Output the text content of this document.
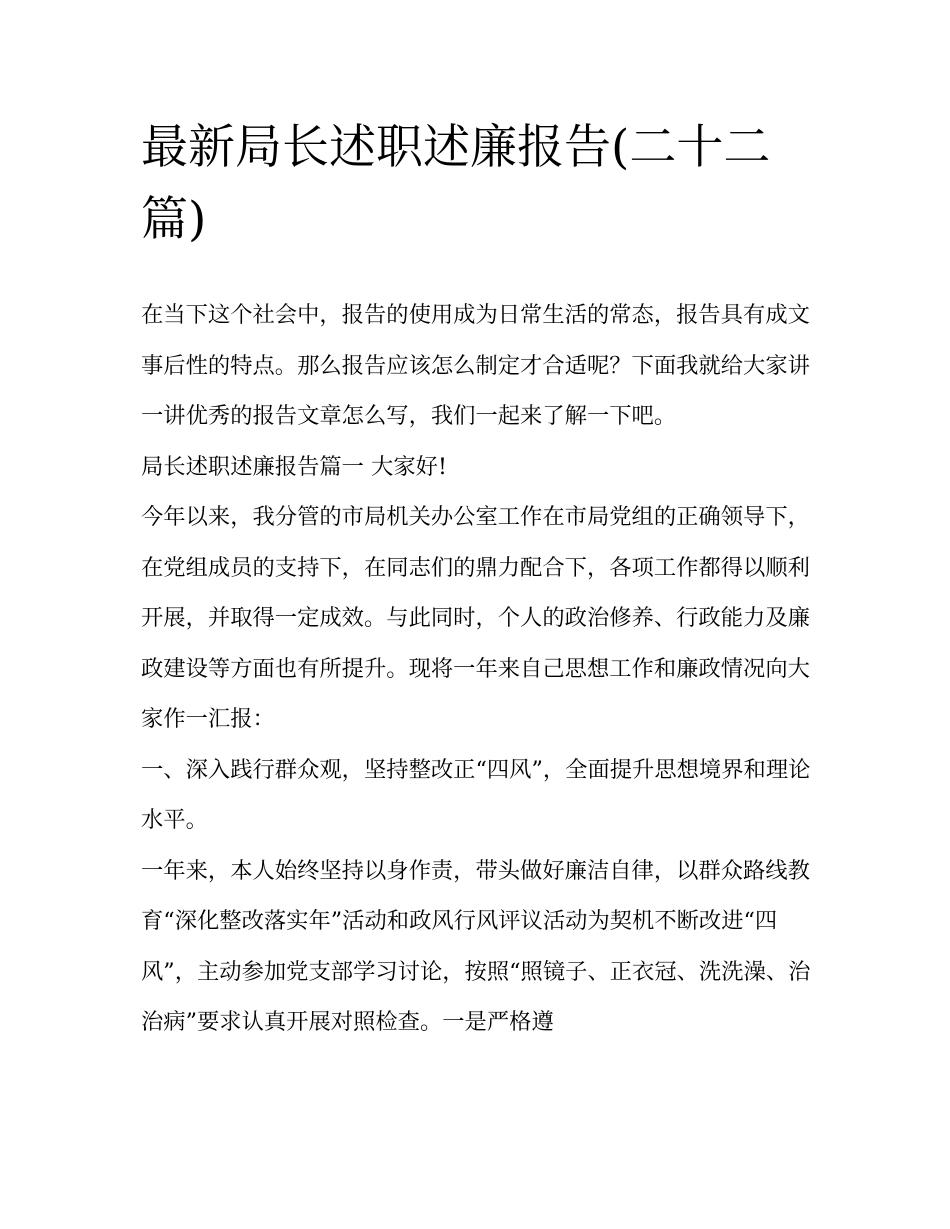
最新局长述职述廉报告(二十二篇)

在当下这个社会中，报告的使用成为日常生活的常态，报告具有成文事后性的特点。那么报告应该怎么制定才合适呢？下面我就给大家讲一讲优秀的报告文章怎么写，我们一起来了解一下吧。

局长述职述廉报告篇一 大家好!

今年以来，我分管的市局机关办公室工作在市局党组的正确领导下，在党组成员的支持下，在同志们的鼎力配合下，各项工作都得以顺利开展，并取得一定成效。与此同时，个人的政治修养、行政能力及廉政建设等方面也有所提升。现将一年来自己思想工作和廉政情况向大家作一汇报：

一、深入践行群众观，坚持整改正“四风”，全面提升思想境界和理论水平。

一年来，本人始终坚持以身作责，带头做好廉洁自律，以群众路线教育“深化整改落实年”活动和政风行风评议活动为契机不断改进“四风”，主动参加党支部学习讨论，按照“照镜子、正衣冠、洗洗澡、治治病”要求认真开展对照检查。一是严格遵
